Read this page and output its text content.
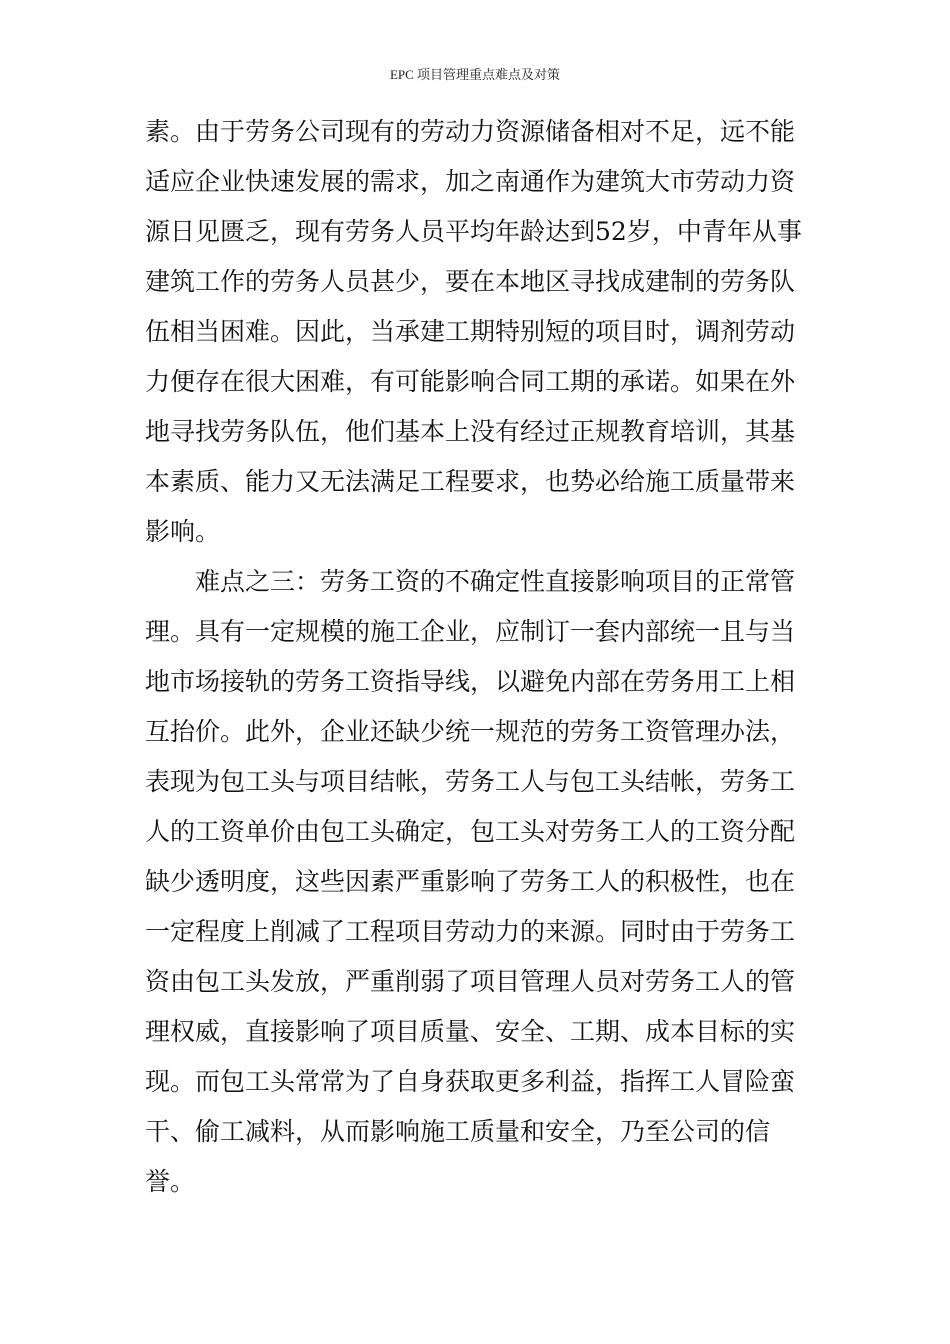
EPC 项目管理重点难点及对策
素。由于劳务公司现有的劳动力资源储备相对不足，远不能
适应企业快速发展的需求，加之南通作为建筑大市劳动力资
源日见匮乏，现有劳务人员平均年龄达到52岁，中青年从事
建筑工作的劳务人员甚少，要在本地区寻找成建制的劳务队
伍相当困难。因此，当承建工期特别短的项目时，调剂劳动
力便存在很大困难，有可能影响合同工期的承诺。如果在外
地寻找劳务队伍，他们基本上没有经过正规教育培训，其基
本素质、能力又无法满足工程要求，也势必给施工质量带来
影响。
难点之三：劳务工资的不确定性直接影响项目的正常管
理。具有一定规模的施工企业，应制订一套内部统一且与当
地市场接轨的劳务工资指导线，以避免内部在劳务用工上相
互抬价。此外，企业还缺少统一规范的劳务工资管理办法，
表现为包工头与项目结帐，劳务工人与包工头结帐，劳务工
人的工资单价由包工头确定，包工头对劳务工人的工资分配
缺少透明度，这些因素严重影响了劳务工人的积极性，也在
一定程度上削减了工程项目劳动力的来源。同时由于劳务工
资由包工头发放，严重削弱了项目管理人员对劳务工人的管
理权威，直接影响了项目质量、安全、工期、成本目标的实
现。而包工头常常为了自身获取更多利益，指挥工人冒险蛮
干、偷工减料，从而影响施工质量和安全，乃至公司的信
誉。
